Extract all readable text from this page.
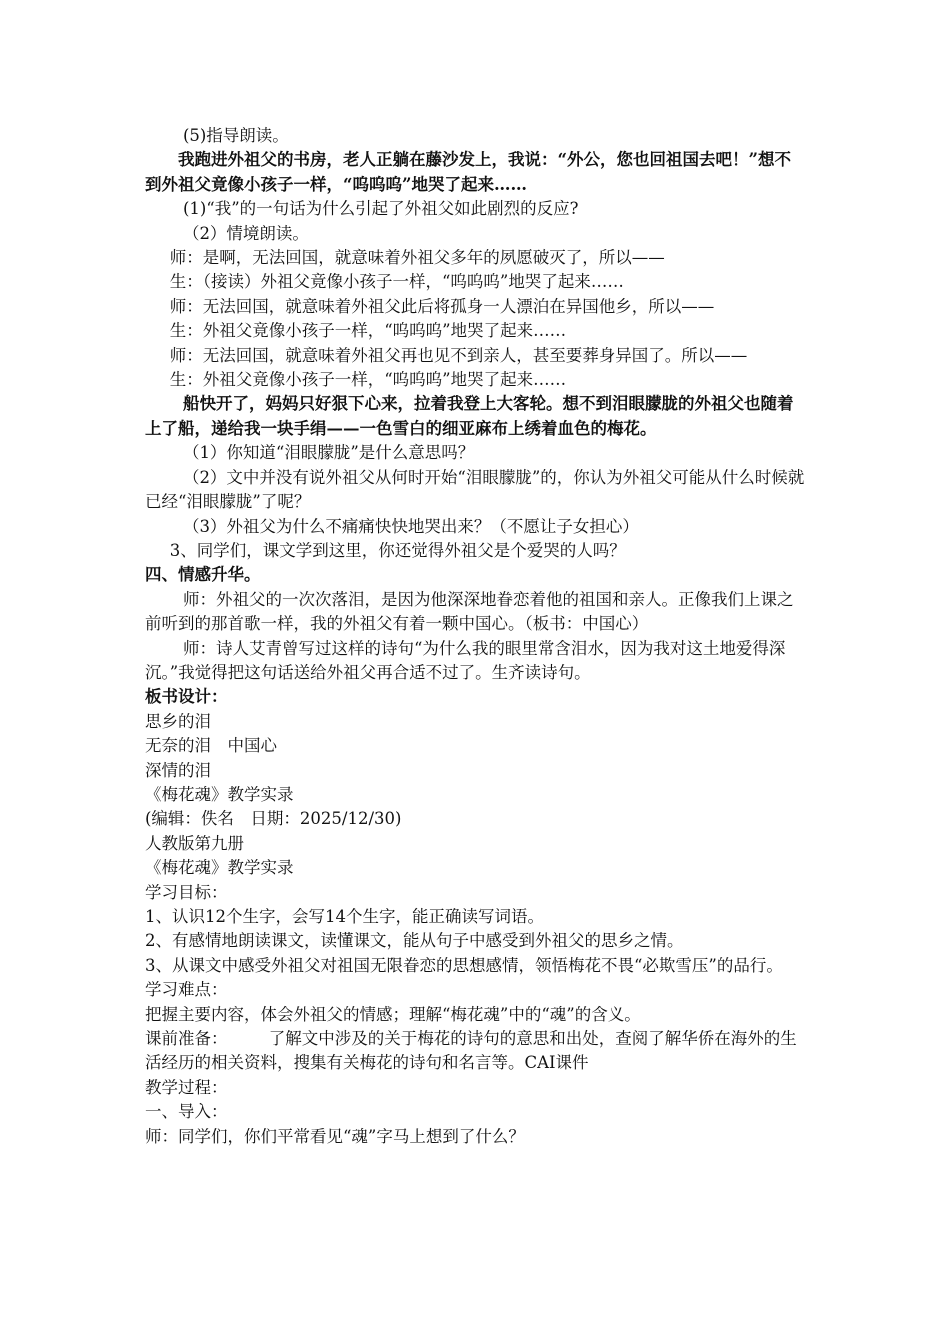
(5)指导朗读。

我跑进外祖父的书房，老人正躺在藤沙发上，我说：“外公，您也回祖国去吧！”想不到外祖父竟像小孩子一样，“呜呜呜”地哭了起来……

(1)“我”的一句话为什么引起了外祖父如此剧烈的反应?

（2）情境朗读。

师：是啊，无法回国，就意味着外祖父多年的夙愿破灭了，所以——

生：（接读）外祖父竟像小孩子一样，“呜呜呜”地哭了起来……

师：无法回国，就意味着外祖父此后将孤身一人漂泊在异国他乡，所以——

生：外祖父竟像小孩子一样，“呜呜呜”地哭了起来……

师：无法回国，就意味着外祖父再也见不到亲人，甚至要葬身异国了。所以——

生：外祖父竟像小孩子一样，“呜呜呜”地哭了起来……

船快开了，妈妈只好狠下心来，拉着我登上大客轮。想不到泪眼朦胧的外祖父也随着上了船，递给我一块手绢——一色雪白的细亚麻布上绣着血色的梅花。

（1）你知道“泪眼朦胧”是什么意思吗？

（2）文中并没有说外祖父从何时开始“泪眼朦胧”的，你认为外祖父可能从什么时候就已经“泪眼朦胧”了呢？

（3）外祖父为什么不痛痛快快地哭出来？（不愿让子女担心）

3、同学们，课文学到这里，你还觉得外祖父是个爱哭的人吗？

四、情感升华。

师：外祖父的一次次落泪，是因为他深深地眷恋着他的祖国和亲人。正像我们上课之前听到的那首歌一样，我的外祖父有着一颗中国心。（板书：中国心）

师：诗人艾青曾写过这样的诗句“为什么我的眼里常含泪水，因为我对这土地爱得深沉。”我觉得把这句话送给外祖父再合适不过了。生齐读诗句。

板书设计：

思乡的泪

无奈的泪　中国心

深情的泪

《梅花魂》教学实录

(编辑：佚名　日期：2025/12/30)

人教版第九册

《梅花魂》教学实录

学习目标：

1、认识12个生字，会写14个生字，能正确读写词语。

2、有感情地朗读课文，读懂课文，能从句子中感受到外祖父的思乡之情。

3、从课文中感受外祖父对祖国无限眷恋的思想感情，领悟梅花不畏“必欺雪压”的品行。

学习难点：

把握主要内容，体会外祖父的情感；理解“梅花魂”中的“魂”的含义。

课前准备：　　　了解文中涉及的关于梅花的诗句的意思和出处，查阅了解华侨在海外的生活经历的相关资料，搜集有关梅花的诗句和名言等。CAI课件

教学过程：

一、导入：

师：同学们，你们平常看见“魂”字马上想到了什么？
